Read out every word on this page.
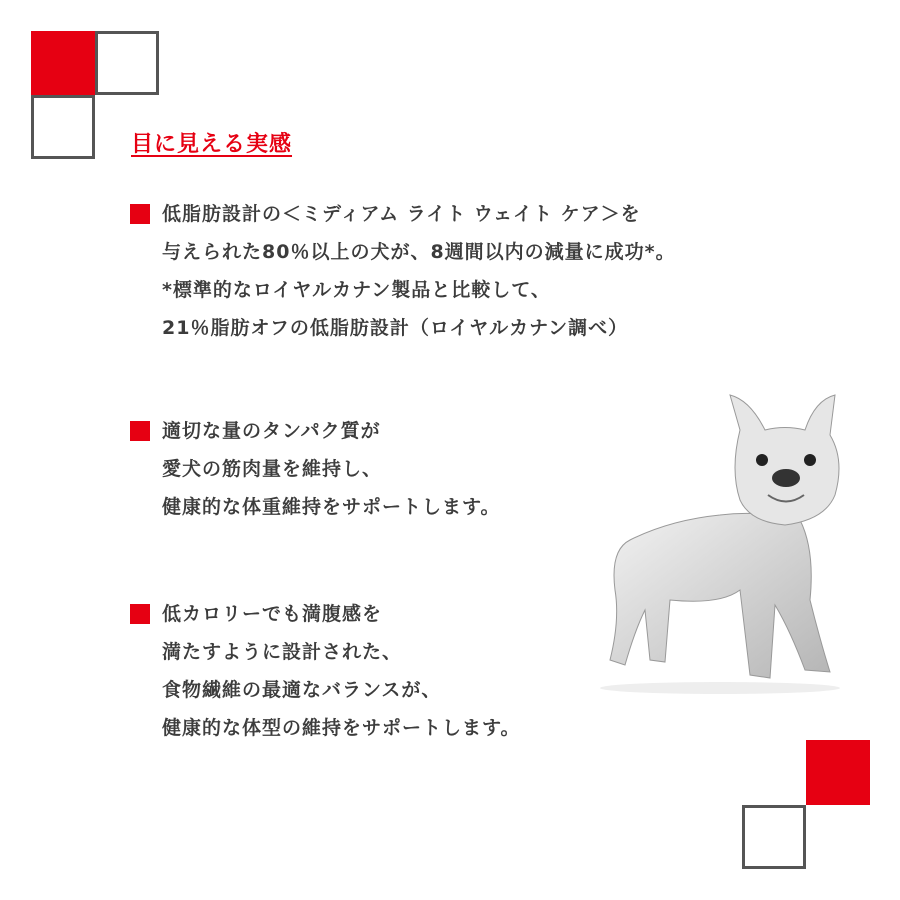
目に見える実感
低脂肪設計の＜ミディアム ライト ウェイト ケア＞を
与えられた80％以上の犬が、8週間以内の減量に成功*。
*標準的なロイヤルカナン製品と比較して、
21％脂肪オフの低脂肪設計（ロイヤルカナン調べ）
適切な量のタンパク質が
愛犬の筋肉量を維持し、
健康的な体重維持をサポートします。
低カロリーでも満腹感を
満たすように設計された、
食物繊維の最適なバランスが、
健康的な体型の維持をサポートします。
